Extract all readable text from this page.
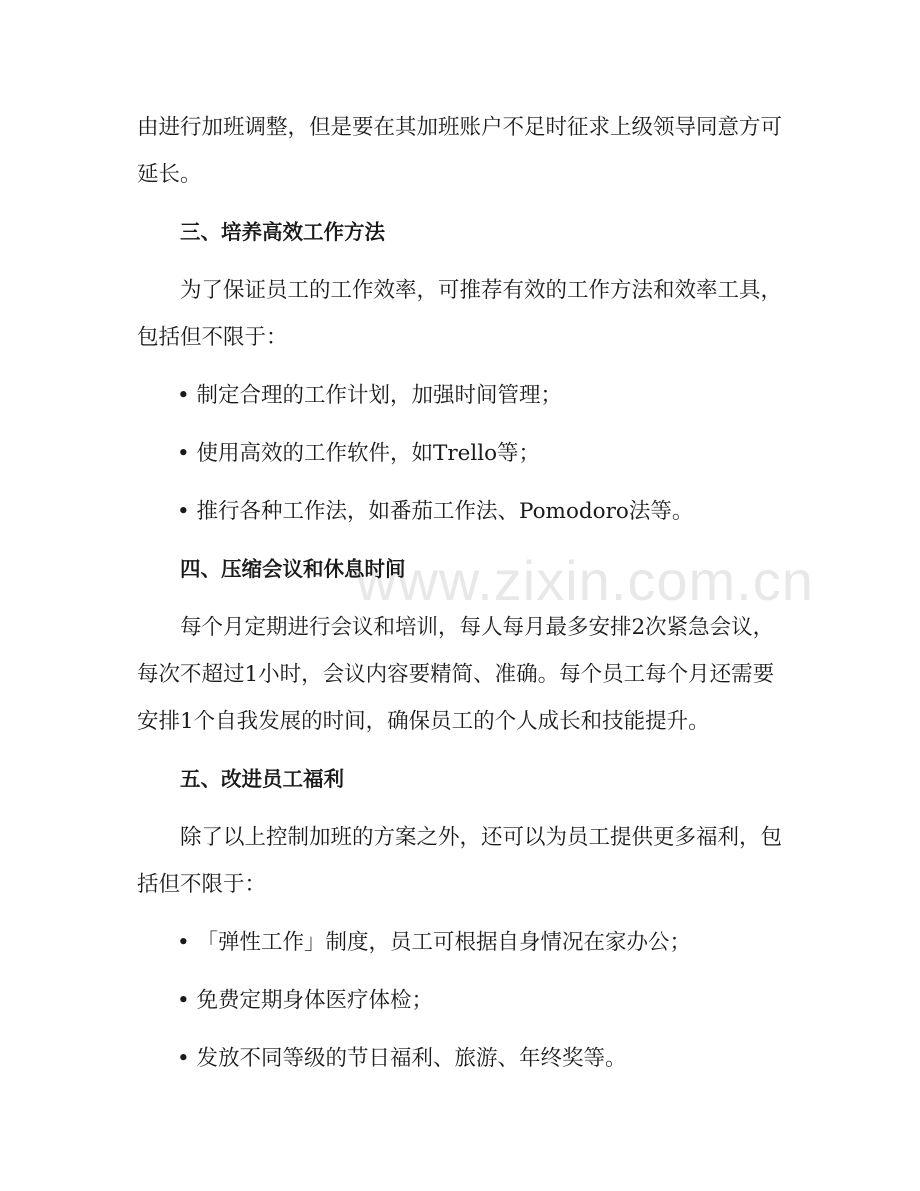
www.zixin.com.cn

由进行加班调整，但是要在其加班账户不足时征求上级领导同意方可延长。

三、培养高效工作方法

为了保证员工的工作效率，可推荐有效的工作方法和效率工具，包括但不限于：

• 制定合理的工作计划，加强时间管理；

• 使用高效的工作软件，如Trello等；

• 推行各种工作法，如番茄工作法、Pomodoro法等。

四、压缩会议和休息时间

每个月定期进行会议和培训，每人每月最多安排2次紧急会议，每次不超过1小时，会议内容要精简、准确。每个员工每个月还需要安排1个自我发展的时间，确保员工的个人成长和技能提升。

五、改进员工福利

除了以上控制加班的方案之外，还可以为员工提供更多福利，包括但不限于：

• 「弹性工作」制度，员工可根据自身情况在家办公；

• 免费定期身体医疗体检；

• 发放不同等级的节日福利、旅游、年终奖等。
